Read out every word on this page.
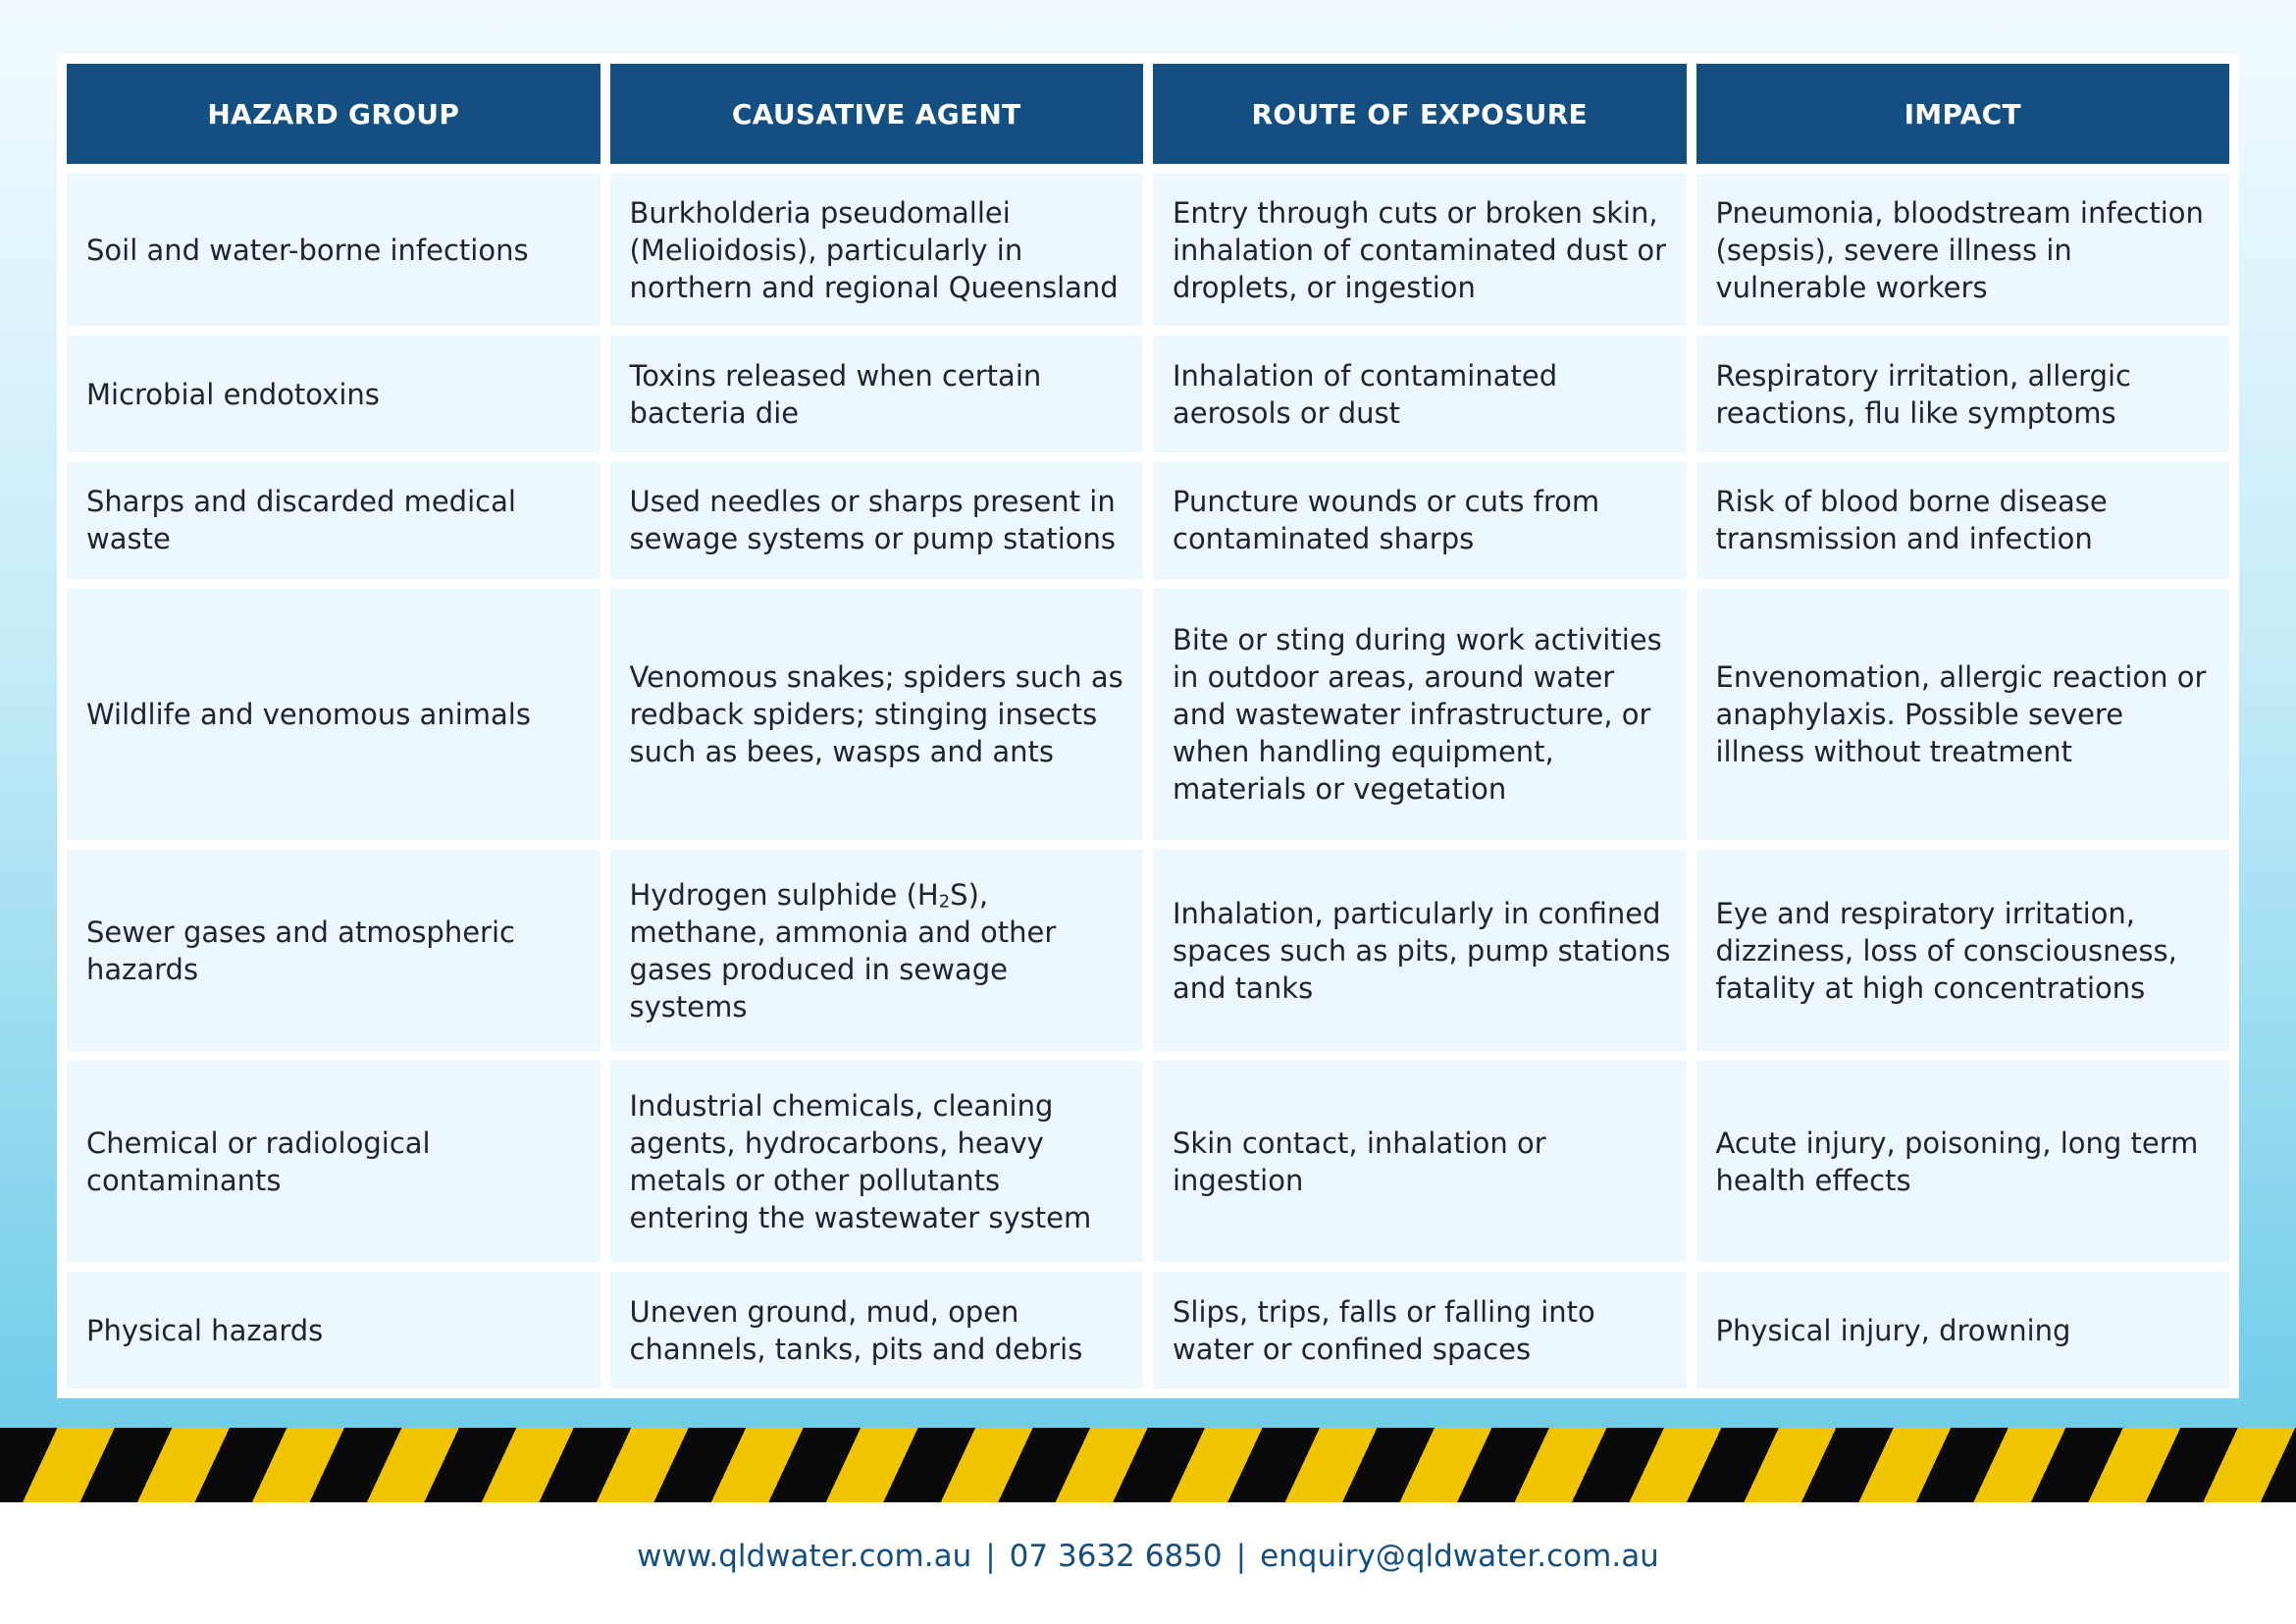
HAZARD GROUP	CAUSATIVE AGENT	ROUTE OF EXPOSURE	IMPACT
Soil and water-borne infections	Burkholderia pseudomallei (Melioidosis), particularly in northern and regional Queensland	Entry through cuts or broken skin, inhalation of contaminated dust or droplets, or ingestion	Pneumonia, bloodstream infection (sepsis), severe illness in vulnerable workers
Microbial endotoxins	Toxins released when certain bacteria die	Inhalation of contaminated aerosols or dust	Respiratory irritation, allergic reactions, flu like symptoms
Sharps and discarded medical waste	Used needles or sharps present in sewage systems or pump stations	Puncture wounds or cuts from contaminated sharps	Risk of blood borne disease transmission and infection
Wildlife and venomous animals	Venomous snakes; spiders such as redback spiders; stinging insects such as bees, wasps and ants	Bite or sting during work activities in outdoor areas, around water and wastewater infrastructure, or when handling equipment, materials or vegetation	Envenomation, allergic reaction or anaphylaxis. Possible severe illness without treatment
Sewer gases and atmospheric hazards	Hydrogen sulphide $(H_2S)$, methane, ammonia and other gases produced in sewage systems	Inhalation, particularly in confined spaces such as pits, pump stations and tanks	Eye and respiratory irritation, dizziness, loss of consciousness, fatality at high concentrations
Chemical or radiological contaminants	Industrial chemicals, cleaning agents, hydrocarbons, heavy metals or other pollutants entering the wastewater system	Skin contact, inhalation or ingestion	Acute injury, poisoning, long term health effects
Physical hazards	Uneven ground, mud, open channels, tanks, pits and debris	Slips, trips, falls or falling into water or confined spaces	Physical injury, drowning
www.qldwater.com.au | 07 3632 6850 | enquiry@qldwater.com.au
